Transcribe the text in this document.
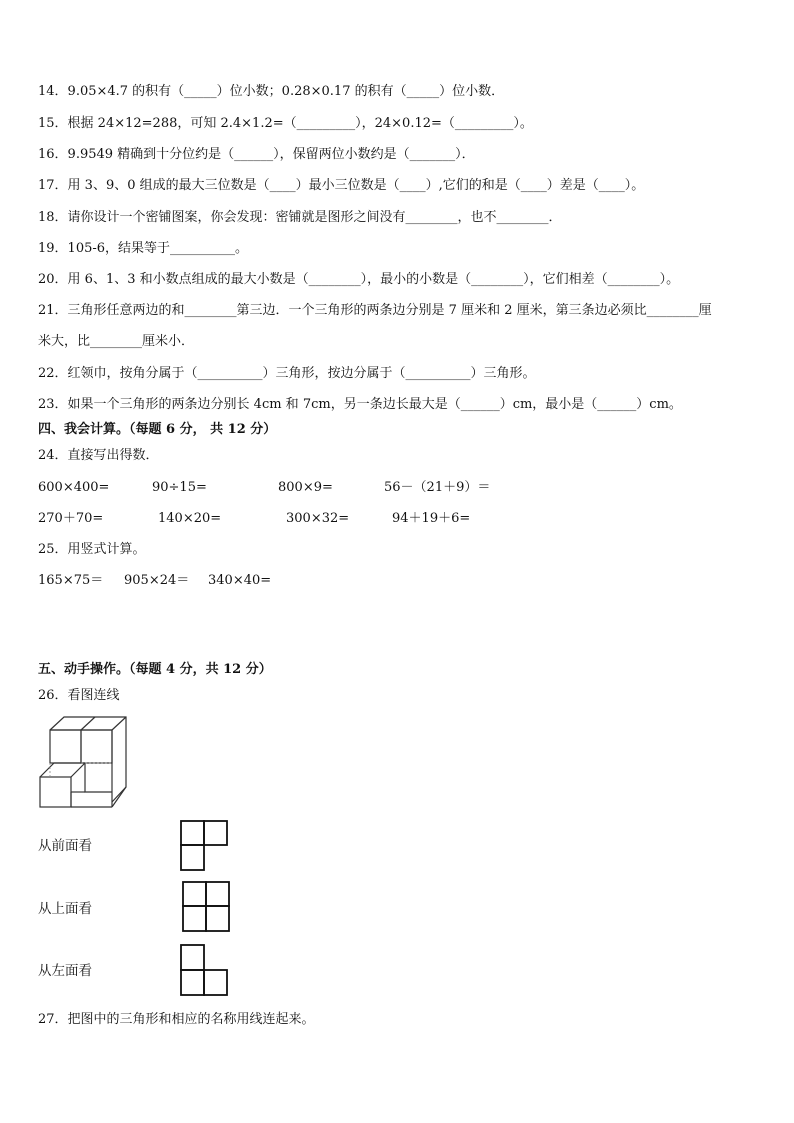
14．9.05×4.7 的积有（_____）位小数；0.28×0.17 的积有（_____）位小数．
15．根据 24×12=288，可知 2.4×1.2=（_________），24×0.12=（_________）。
16．9.9549 精确到十分位约是（______），保留两位小数约是（_______）．
17．用 3、9、0 组成的最大三位数是（____）最小三位数是（____）,它们的和是（____）差是（____）。
18．请你设计一个密铺图案，你会发现：密铺就是图形之间没有________，也不________．
19．105-6，结果等于__________。
20．用 6、1、3 和小数点组成的最大小数是（________），最小的小数是（________），它们相差（________）。
21．三角形任意两边的和________第三边．一个三角形的两条边分别是 7 厘米和 2 厘米，第三条边必须比________厘
米大，比________厘米小．
22．红领巾，按角分属于（__________）三角形，按边分属于（__________）三角形。
23．如果一个三角形的两条边分别长 4cm 和 7cm，另一条边长最大是（______）cm，最小是（______）cm。
四、我会计算。（每题 6 分， 共 12 分）
24．直接写出得数．
600×400=	90÷15=	800×9=	56－（21＋9）＝
270＋70=	140×20=	300×32=	94＋19＋6=
25．用竖式计算。
165×75＝ 905×24＝ 340×40=
五、动手操作。（每题 4 分，共 12 分）
26．看图连线
从前面看
从上面看
从左面看
27．把图中的三角形和相应的名称用线连起来。
